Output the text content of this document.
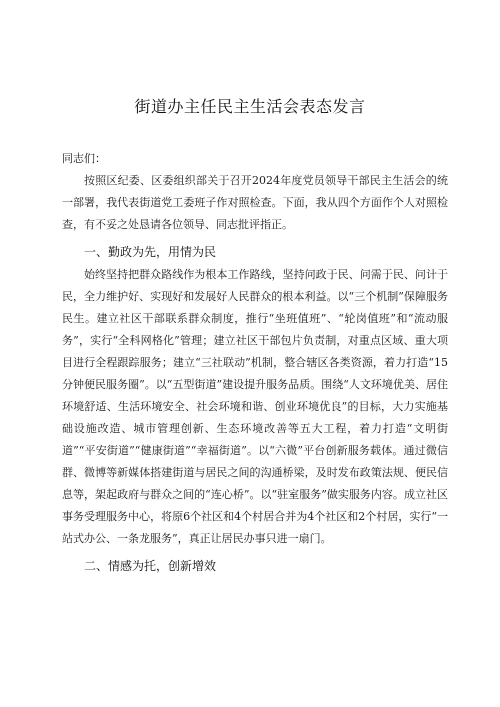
街道办主任民主生活会表态发言

同志们：

按照区纪委、区委组织部关于召开2024年度党员领导干部民主生活会的统一部署，我代表街道党工委班子作对照检查。下面，我从四个方面作个人对照检查，有不妥之处恳请各位领导、同志批评指正。

一、勤政为先，用情为民

始终坚持把群众路线作为根本工作路线，坚持问政于民、问需于民、问计于民，全力维护好、实现好和发展好人民群众的根本利益。以“三个机制”保障服务民生。建立社区干部联系群众制度，推行“坐班值班”、“轮岗值班”和“流动服务”，实行“全科网格化”管理；建立社区干部包片负责制，对重点区域、重大项目进行全程跟踪服务；建立“三社联动”机制，整合辖区各类资源，着力打造“15分钟便民服务圈”。以“五型街道”建设提升服务品质。围绕“人文环境优美、居住环境舒适、生活环境安全、社会环境和谐、创业环境优良”的目标，大力实施基础设施改造、城市管理创新、生态环境改善等五大工程，着力打造“文明街道”“平安街道”“健康街道”“幸福街道”。以“六微”平台创新服务载体。通过微信群、微博等新媒体搭建街道与居民之间的沟通桥梁，及时发布政策法规、便民信息等，架起政府与群众之间的“连心桥”。以“驻室服务”做实服务内容。成立社区事务受理服务中心，将原6个社区和4个村居合并为4个社区和2个村居，实行“一站式办公、一条龙服务”，真正让居民办事只进一扇门。

二、情感为托，创新增效
